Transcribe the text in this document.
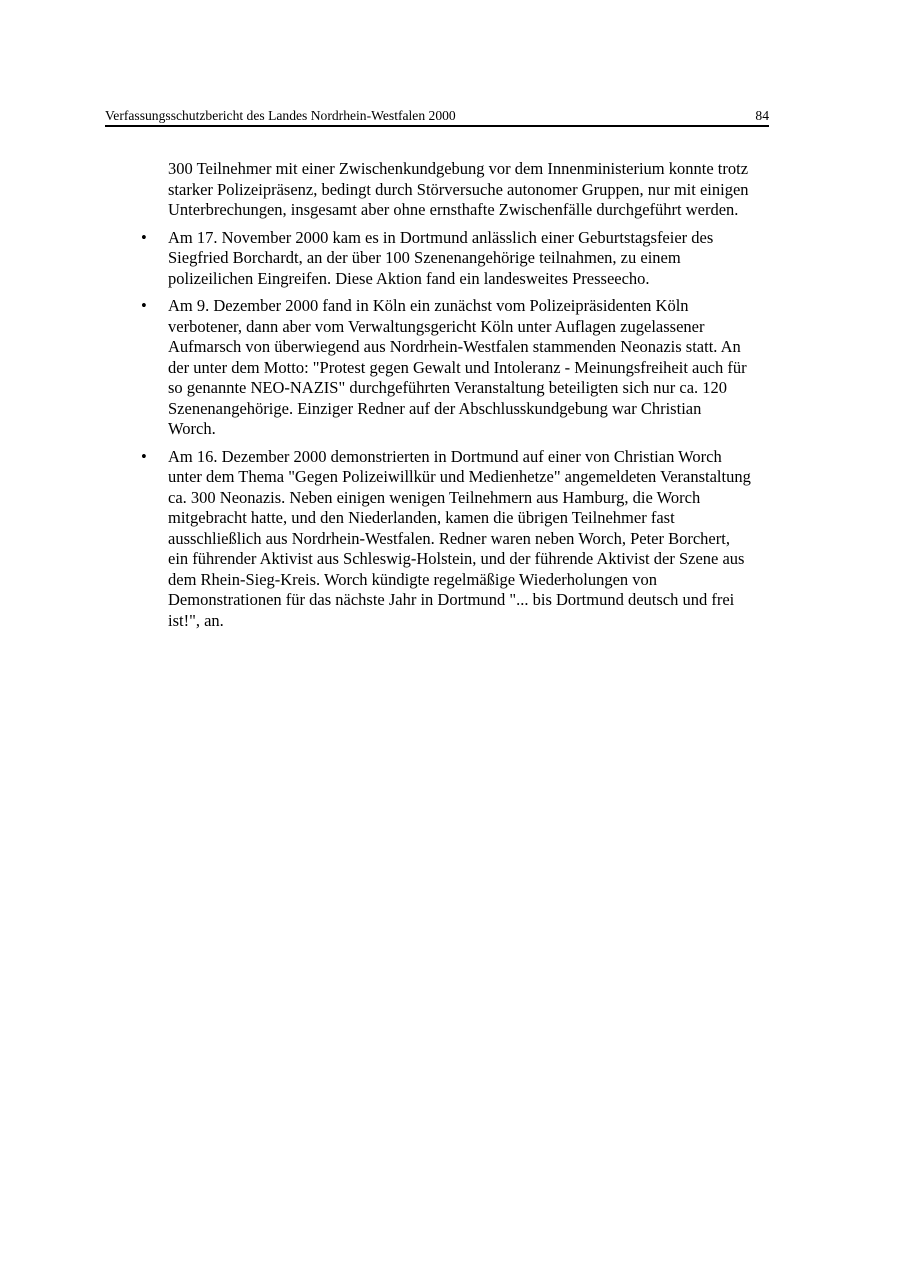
Verfassungsschutzbericht des Landes Nordrhein-Westfalen 2000	84

300 Teilnehmer mit einer Zwischenkundgebung vor dem Innenministerium konnte trotz
starker Polizeipräsenz, bedingt durch Störversuche autonomer Gruppen, nur mit einigen
Unterbrechungen, insgesamt aber ohne ernsthafte Zwischenfälle durchgeführt werden.

• Am 17. November 2000 kam es in Dortmund anlässlich einer Geburtstagsfeier des
Siegfried Borchardt, an der über 100 Szenenangehörige teilnahmen, zu einem
polizeilichen Eingreifen. Diese Aktion fand ein landesweites Presseecho.
• Am 9. Dezember 2000 fand in Köln ein zunächst vom Polizeipräsidenten Köln
verbotener, dann aber vom Verwaltungsgericht Köln unter Auflagen zugelassener
Aufmarsch von überwiegend aus Nordrhein-Westfalen stammenden Neonazis statt. An
der unter dem Motto: "Protest gegen Gewalt und Intoleranz - Meinungsfreiheit auch für
so genannte NEO-NAZIS" durchgeführten Veranstaltung beteiligten sich nur ca. 120
Szenenangehörige. Einziger Redner auf der Abschlusskundgebung war Christian
Worch.
• Am 16. Dezember 2000 demonstrierten in Dortmund auf einer von Christian Worch
unter dem Thema "Gegen Polizeiwillkür und Medienhetze" angemeldeten Veranstaltung
ca. 300 Neonazis. Neben einigen wenigen Teilnehmern aus Hamburg, die Worch
mitgebracht hatte, und den Niederlanden, kamen die übrigen Teilnehmer fast
ausschließlich aus Nordrhein-Westfalen. Redner waren neben Worch, Peter Borchert,
ein führender Aktivist aus Schleswig-Holstein, und der führende Aktivist der Szene aus
dem Rhein-Sieg-Kreis. Worch kündigte regelmäßige Wiederholungen von
Demonstrationen für das nächste Jahr in Dortmund "... bis Dortmund deutsch und frei
ist!", an.
